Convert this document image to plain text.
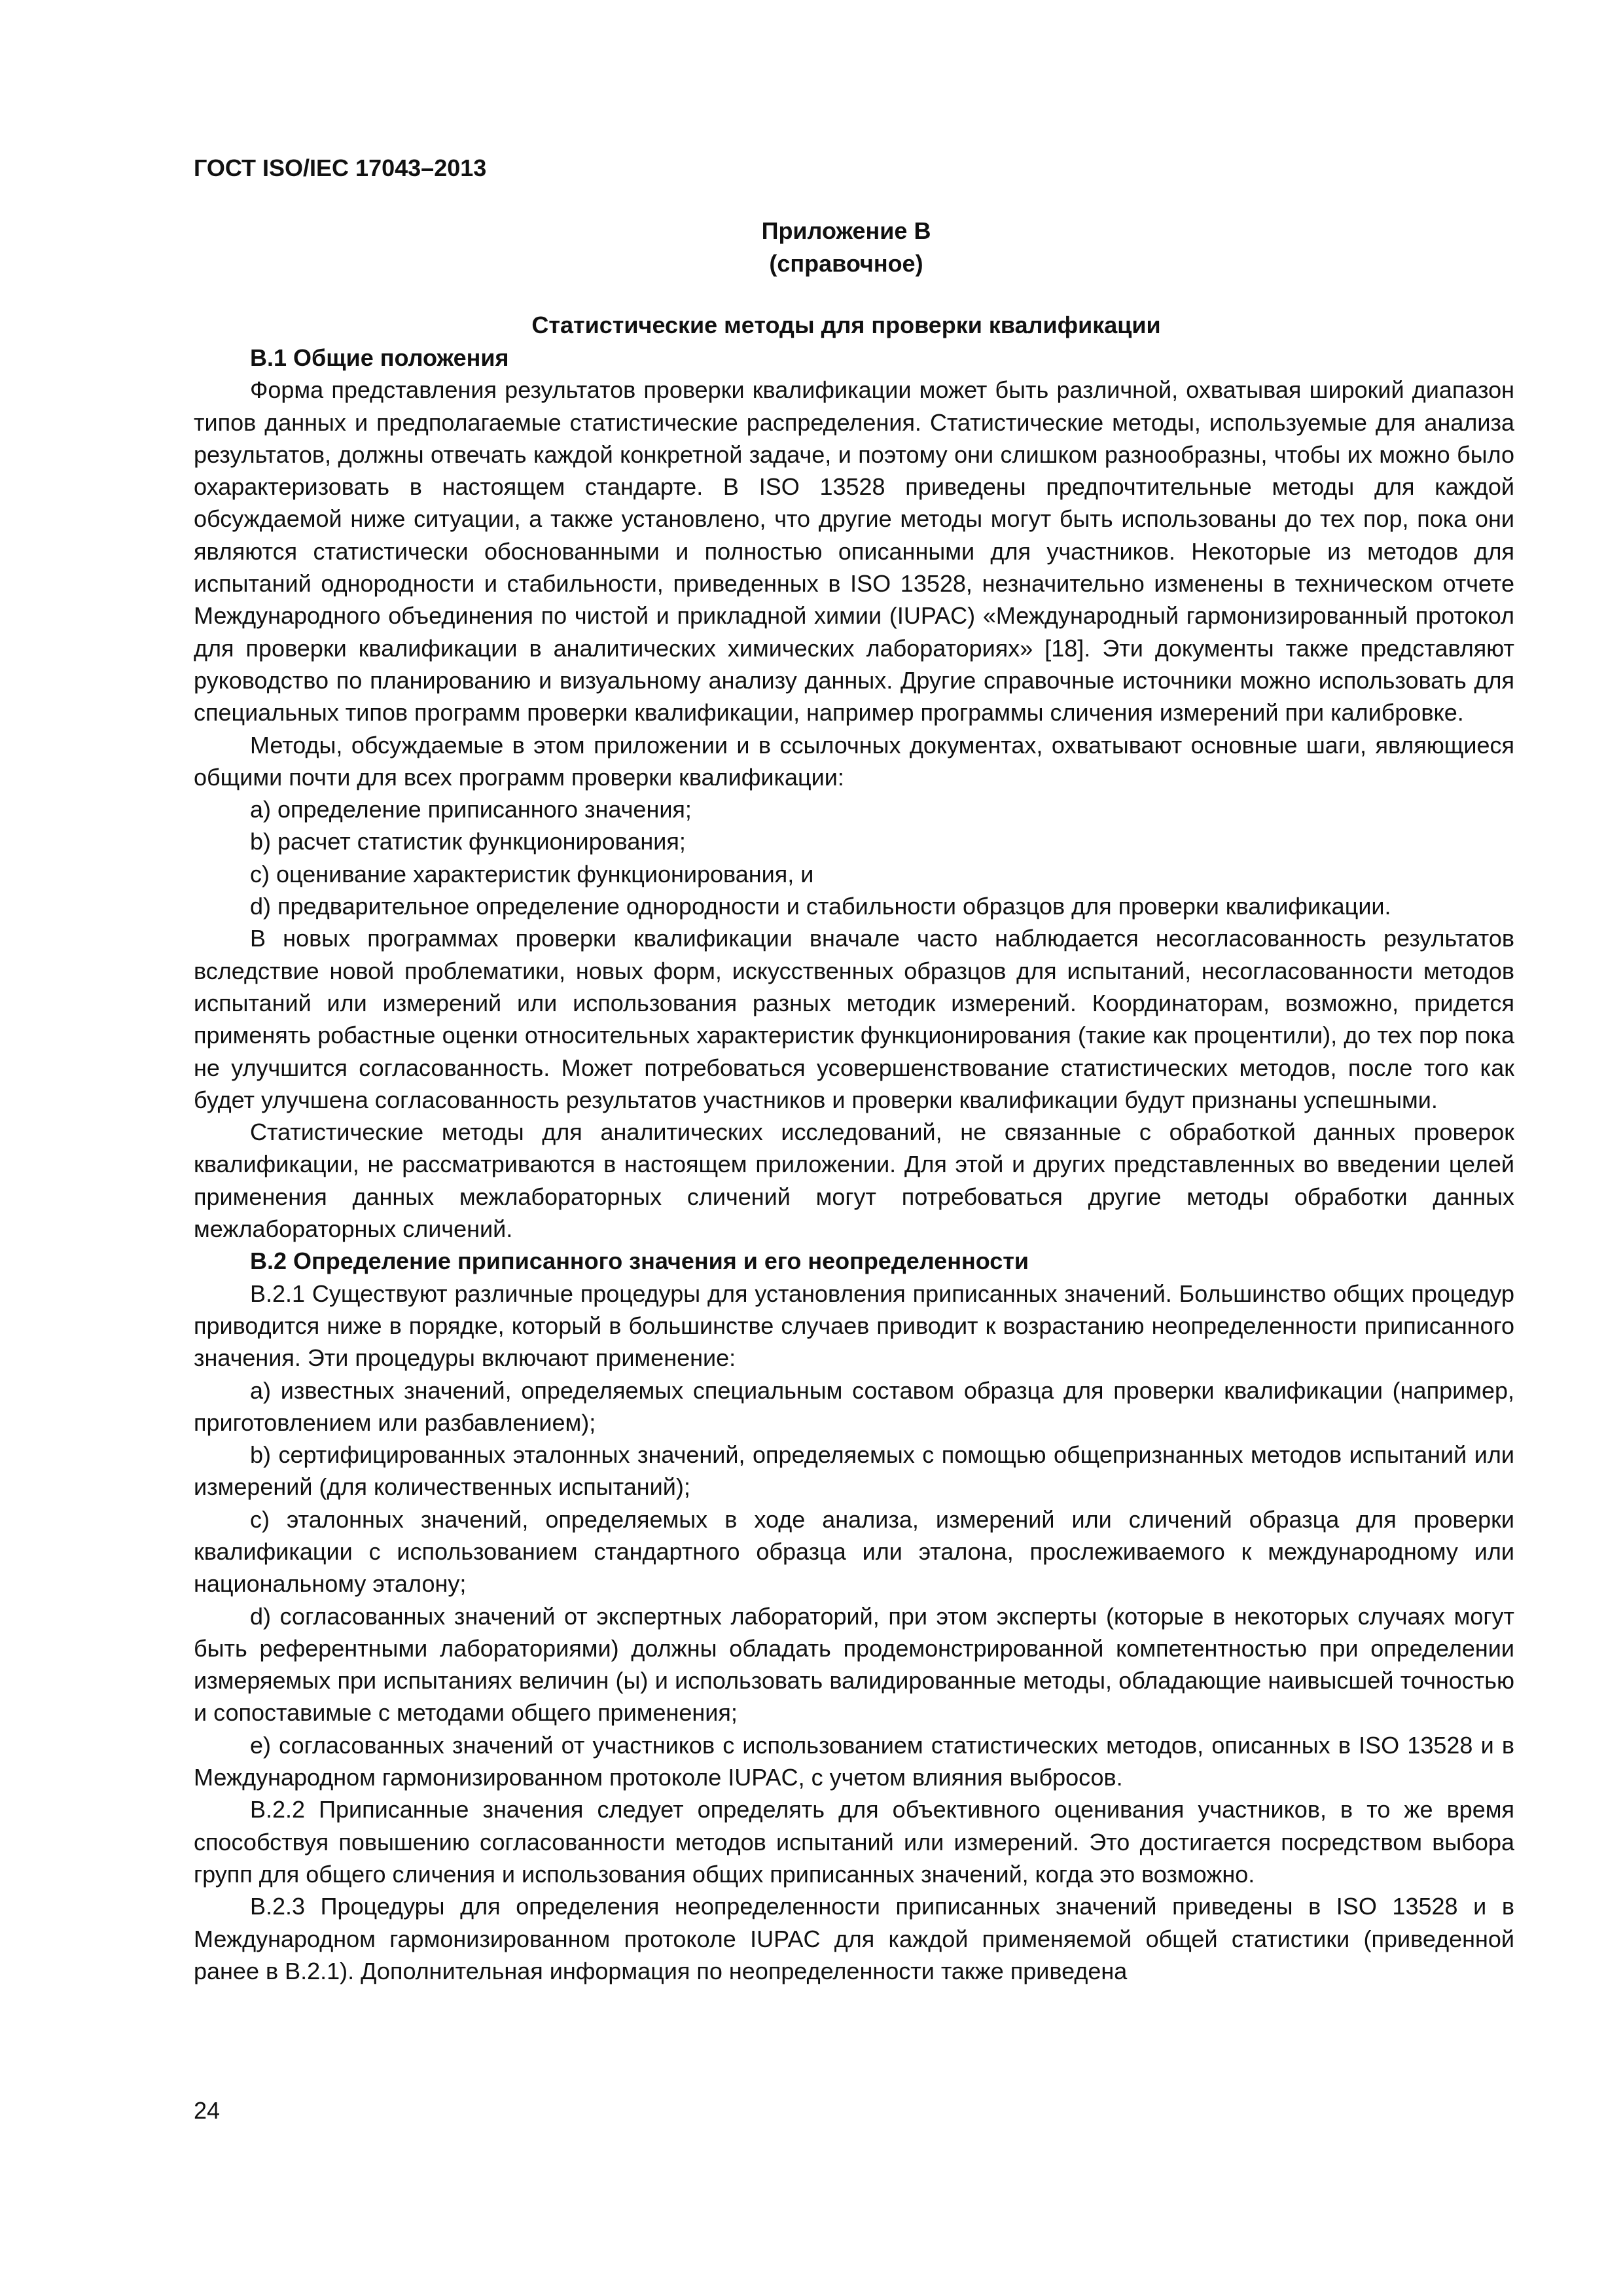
ГОСТ ISO/IEC 17043–2013
Приложение B
(справочное)
Статистические методы для проверки квалификации

B.1 Общие положения

Форма представления результатов проверки квалификации может быть различной, охватывая широкий диапазон типов данных и предполагаемые статистические распределения. Статистические методы, используемые для анализа результатов, должны отвечать каждой конкретной задаче, и поэтому они слишком разнообразны, чтобы их можно было охарактеризовать в настоящем стандарте. В ISO 13528 приведены предпочтительные методы для каждой обсуждаемой ниже ситуации, а также установлено, что другие методы могут быть использованы до тех пор, пока они являются статистически обоснованными и полностью описанными для участников. Некоторые из методов для испытаний однородности и стабильности, приведенных в ISO 13528, незначительно изменены в техническом отчете Международного объединения по чистой и прикладной химии (IUPAC) «Международный гармонизированный протокол для проверки квалификации в аналитических химических лабораториях» [18]. Эти документы также представляют руководство по планированию и визуальному анализу данных. Другие справочные источники можно использовать для специальных типов программ проверки квалификации, например программы сличения измерений при калибровке.

Методы, обсуждаемые в этом приложении и в ссылочных документах, охватывают основные шаги, являющиеся общими почти для всех программ проверки квалификации:

a) определение приписанного значения;

b) расчет статистик функционирования;

c) оценивание характеристик функционирования, и

d) предварительное определение однородности и стабильности образцов для проверки квалификации.

В новых программах проверки квалификации вначале часто наблюдается несогласованность результатов вследствие новой проблематики, новых форм, искусственных образцов для испытаний, несогласованности методов испытаний или измерений или использования разных методик измерений. Координаторам, возможно, придется применять робастные оценки относительных характеристик функционирования (такие как процентили), до тех пор пока не улучшится согласованность. Может потребоваться усовершенствование статистических методов, после того как будет улучшена согласованность результатов участников и проверки квалификации будут признаны успешными.

Статистические методы для аналитических исследований, не связанные с обработкой данных проверок квалификации, не рассматриваются в настоящем приложении. Для этой и других представленных во введении целей применения данных межлабораторных сличений могут потребоваться другие методы обработки данных межлабораторных сличений.

B.2 Определение приписанного значения и его неопределенности

B.2.1 Существуют различные процедуры для установления приписанных значений. Большинство общих процедур приводится ниже в порядке, который в большинстве случаев приводит к возрастанию неопределенности приписанного значения. Эти процедуры включают применение:

a) известных значений, определяемых специальным составом образца для проверки квалификации (например, приготовлением или разбавлением);

b) сертифицированных эталонных значений, определяемых с помощью общепризнанных методов испытаний или измерений (для количественных испытаний);

c) эталонных значений, определяемых в ходе анализа, измерений или сличений образца для проверки квалификации с использованием стандартного образца или эталона, прослеживаемого к международному или национальному эталону;

d) согласованных значений от экспертных лабораторий, при этом эксперты (которые в некоторых случаях могут быть референтными лабораториями) должны обладать продемонстрированной компетентностью при определении измеряемых при испытаниях величин (ы) и использовать валидированные методы, обладающие наивысшей точностью и сопоставимые с методами общего применения;

e) согласованных значений от участников с использованием статистических методов, описанных в ISO 13528 и в Международном гармонизированном протоколе IUPAC, с учетом влияния выбросов.

B.2.2 Приписанные значения следует определять для объективного оценивания участников, в то же время способствуя повышению согласованности методов испытаний или измерений. Это достигается посредством выбора групп для общего сличения и использования общих приписанных значений, когда это возможно.

B.2.3 Процедуры для определения неопределенности приписанных значений приведены в ISO 13528 и в Международном гармонизированном протоколе IUPAC для каждой применяемой общей статистики (приведенной ранее в B.2.1). Дополнительная информация по неопределенности также приведена

24
